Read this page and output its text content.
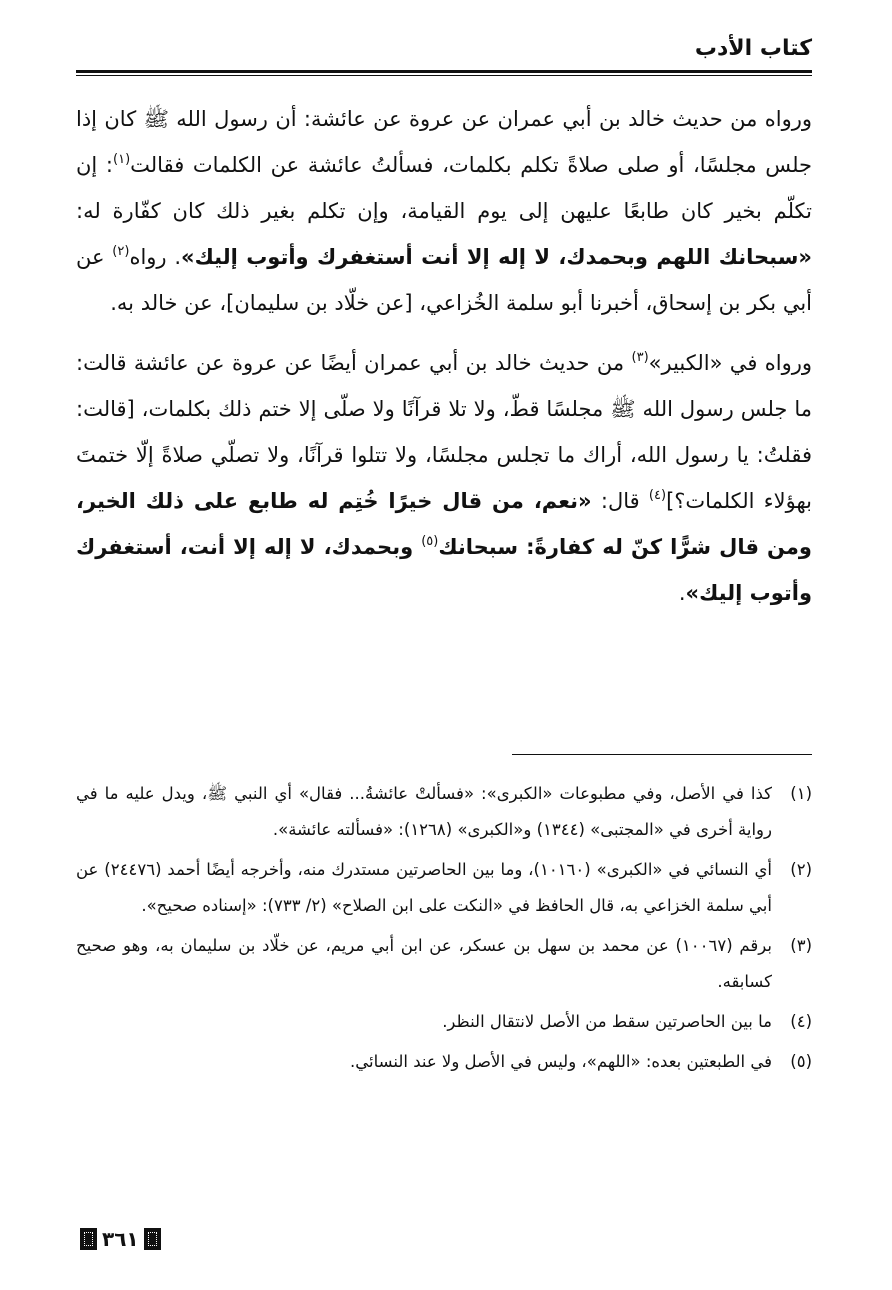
كتاب الأدب

ورواه من حديث خالد بن أبي عمران عن عروة عن عائشة: أن رسول الله ﷺ كان إذا جلس مجلسًا، أو صلى صلاةً تكلم بكلمات، فسألتُ عائشة عن الكلمات فقالت$^{(١)}$: إن تكلّم بخير كان طابعًا عليهن إلى يوم القيامة، وإن تكلم بغير ذلك كان كفّارة له: «سبحانك اللهم وبحمدك، لا إله إلا أنت أستغفرك وأتوب إليك». رواه$^{(٢)}$ عن أبي بكر بن إسحاق، أخبرنا أبو سلمة الخُزاعي، [عن خلّاد بن سليمان]، عن خالد به.

ورواه في «الكبير»$^{(٣)}$ من حديث خالد بن أبي عمران أيضًا عن عروة عن عائشة قالت: ما جلس رسول الله ﷺ مجلسًا قطّ، ولا تلا قرآنًا ولا صلّى إلا ختم ذلك بكلمات، [قالت: فقلتُ: يا رسول الله، أراك ما تجلس مجلسًا، ولا تتلوا قرآنًا، ولا تصلّي صلاةً إلّا ختمتَ بهؤلاء الكلمات؟]$^{(٤)}$ قال: «نعم، من قال خيرًا خُتِم له طابع على ذلك الخير، ومن قال شرًّا كنّ له كفارةً: سبحانك$^{(٥)}$ وبحمدك، لا إله إلا أنت، أستغفرك وأتوب إليك».

(١)
كذا في الأصل، وفي مطبوعات «الكبرى»: «فسألتْ عائشةُ... فقال» أي النبي ﷺ، ويدل عليه ما في رواية أخرى في «المجتبى» (١٣٤٤) و«الكبرى» (١٢٦٨): «فسألته عائشة».
(٢)
أي النسائي في «الكبرى» (١٠١٦٠)، وما بين الحاصرتين مستدرك منه، وأخرجه أيضًا أحمد (٢٤٤٧٦) عن أبي سلمة الخزاعي به، قال الحافظ في «النكت على ابن الصلاح» (٢/ ٧٣٣): «إسناده صحيح».
(٣)
برقم (١٠٠٦٧) عن محمد بن سهل بن عسكر، عن ابن أبي مريم، عن خلّاد بن سليمان به، وهو صحيح كسابقه.
(٤)
ما بين الحاصرتين سقط من الأصل لانتقال النظر.
(٥)
في الطبعتين بعده: «اللهم»، وليس في الأصل ولا عند النسائي.
٣٦١
